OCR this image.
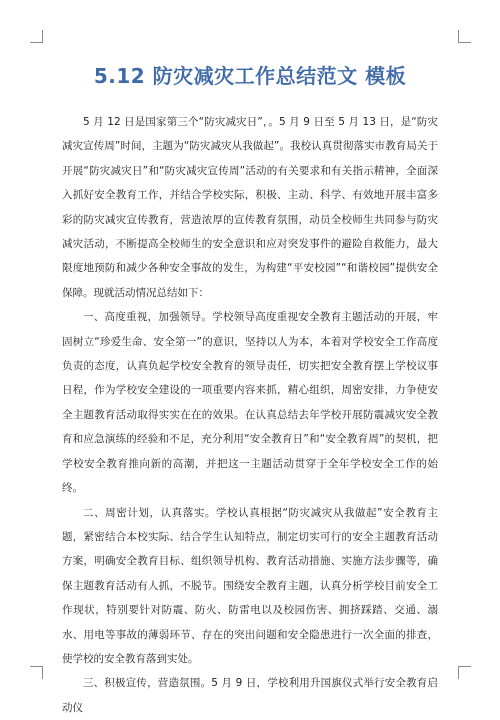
5.12 防灾减灾工作总结范文 模板

5 月 12 日是国家第三个“防灾减灾日”，。5 月 9 日至 5 月 13 日，是“防灾减灾宣传周”时间，主题为“防灾减灾从我做起”。我校认真贯彻落实市教育局关于开展“防灾减灾日”和“防灾减灾宣传周”活动的有关要求和有关指示精神，全面深入抓好安全教育工作，并结合学校实际，积极、主动、科学、有效地开展丰富多彩的防灾减灾宣传教育，营造浓厚的宣传教育氛围，动员全校师生共同参与防灾减灾活动，不断提高全校师生的安全意识和应对突发事件的避险自救能力，最大限度地预防和减少各种安全事故的发生，为构建“平安校园”“和谐校园”提供安全保障。现就活动情况总结如下：

一、高度重视，加强领导。学校领导高度重视安全教育主题活动的开展，牢固树立“珍爱生命、安全第一”的意识，坚持以人为本，本着对学校安全工作高度负责的态度，认真负起学校安全教育的领导责任，切实把安全教育摆上学校议事日程，作为学校安全建设的一项重要内容来抓，精心组织，周密安排，力争使安全主题教育活动取得实实在在的效果。在认真总结去年学校开展防震减灾安全教育和应急演练的经验和不足，充分利用“安全教育日”和“安全教育周”的契机，把学校安全教育推向新的高潮，并把这一主题活动贯穿于全年学校安全工作的始终。

二、周密计划，认真落实。学校认真根据“防灾减灾从我做起”安全教育主题，紧密结合本校实际、结合学生认知特点，制定切实可行的安全主题教育活动方案，明确安全教育目标、组织领导机构、教育活动措施、实施方法步骤等，确保主题教育活动有人抓，不脱节。围绕安全教育主题，认真分析学校目前安全工作现状，特别要针对防震、防火、防雷电以及校园伤害、拥挤踩踏、交通、溺水、用电等事故的薄弱环节、存在的突出问题和安全隐患进行一次全面的排查，使学校的安全教育落到实处。

三、积极宣传，营造氛围。5 月 9 日，学校利用升国旗仪式举行安全教育启动仪
